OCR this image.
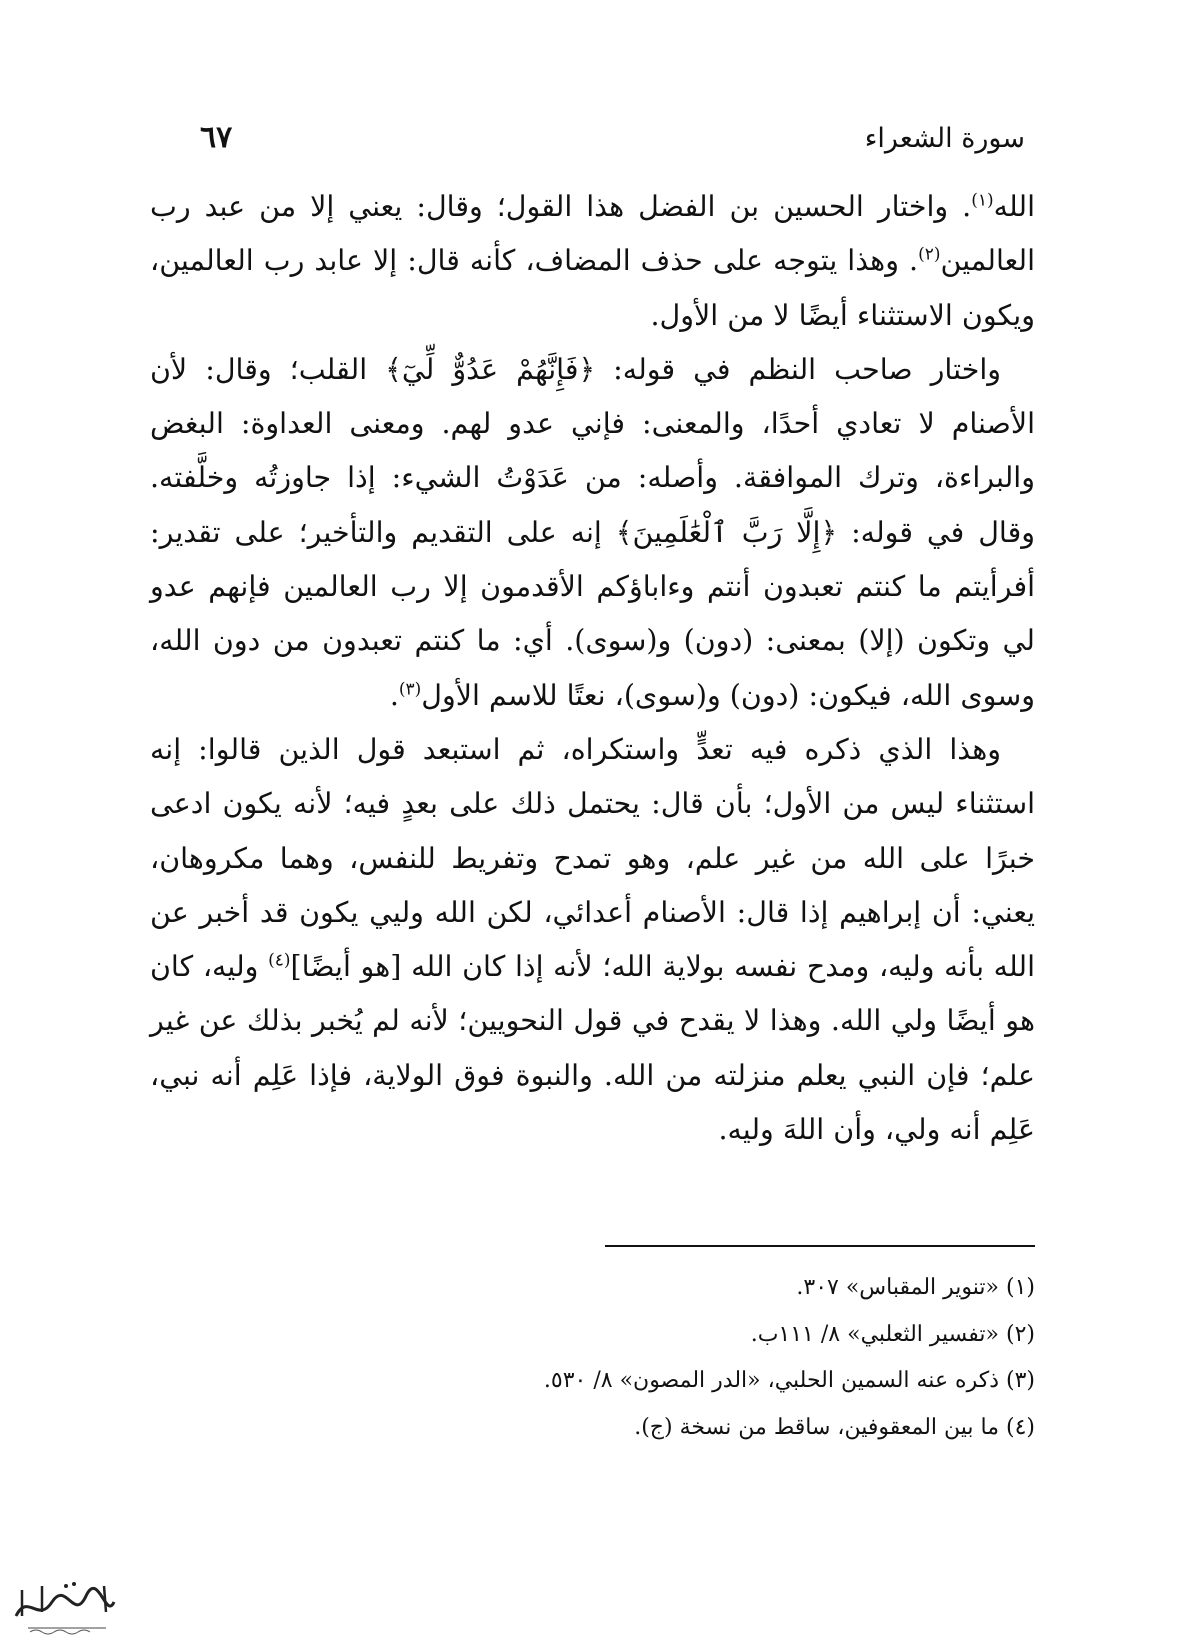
سورة الشعراء
٦٧

الله$^{(١)}$. واختار الحسين بن الفضل هذا القول؛ وقال: يعني إلا من عبد رب العالمين$^{(٢)}$. وهذا يتوجه على حذف المضاف، كأنه قال: إلا عابد رب العالمين، ويكون الاستثناء أيضًا لا من الأول.

واختار صاحب النظم في قوله: ﴿فَإِنَّهُمْ عَدُوٌّ لِّيٓ﴾ القلب؛ وقال: لأن الأصنام لا تعادي أحدًا، والمعنى: فإني عدو لهم. ومعنى العداوة: البغض والبراءة، وترك الموافقة. وأصله: من عَدَوْتُ الشيء: إذا جاوزتُه وخلَّفته. وقال في قوله: ﴿إِلَّا رَبَّ ٱلْعَٰلَمِينَ﴾ إنه على التقديم والتأخير؛ على تقدير: أفرأيتم ما كنتم تعبدون أنتم وءاباؤكم الأقدمون إلا رب العالمين فإنهم عدو لي وتكون (إلا) بمعنى: (دون) و(سوى). أي: ما كنتم تعبدون من دون الله، وسوى الله، فيكون: (دون) و(سوى)، نعتًا للاسم الأول$^{(٣)}$.

وهذا الذي ذكره فيه تعدٍّ واستكراه، ثم استبعد قول الذين قالوا: إنه استثناء ليس من الأول؛ بأن قال: يحتمل ذلك على بعدٍ فيه؛ لأنه يكون ادعى خبرًا على الله من غير علم، وهو تمدح وتفريط للنفس، وهما مكروهان، يعني: أن إبراهيم إذا قال: الأصنام أعدائي، لكن الله وليي يكون قد أخبر عن الله بأنه وليه، ومدح نفسه بولاية الله؛ لأنه إذا كان الله [هو أيضًا]$^{(٤)}$ وليه، كان هو أيضًا ولي الله. وهذا لا يقدح في قول النحويين؛ لأنه لم يُخبر بذلك عن غير علم؛ فإن النبي يعلم منزلته من الله. والنبوة فوق الولاية، فإذا عَلِم أنه نبي، عَلِم أنه ولي، وأن اللهَ وليه.

(١) «تنوير المقباس» ٣٠٧.

(٢) «تفسير الثعلبي» ٨/ ١١١ب.

(٣) ذكره عنه السمين الحلبي، «الدر المصون» ٨/ ٥٣٠.

(٤) ما بين المعقوفين، ساقط من نسخة (ج).
